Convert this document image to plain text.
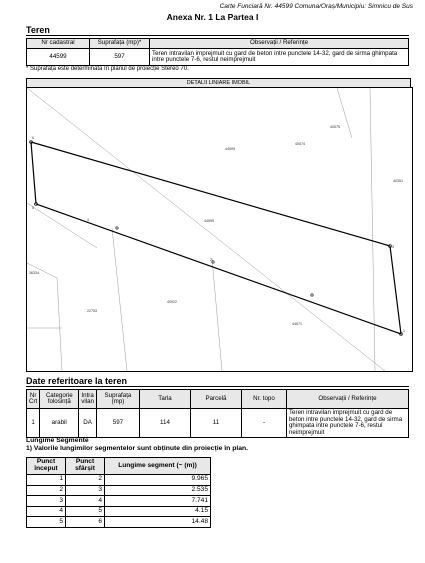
Carte Funciară Nr. 44599 Comuna/Oraș/Municipiu: Simnicu de Sus
Anexa Nr. 1 La Partea I
Teren
Nr cadastral	Suprafața (mp)*	Observații / Referințe
44599	597	Teren intravilan imprejmuit cu gard de beton intre punctele 14-32, gard de sirma ghimpata intre punctele 7-6, restul neimprejmuit
* Suprafața este determinată în planul de proiecție Stereo 70.
DETALII LINIARE IMOBIL
40575
40574
44599
40351
4	44599
3
2
36334
40922
22753
44671
1
6
5
Date referitoare la teren
Nr Crt	Categorie folosință	Intra vilan	Suprafața (mp)	Tarla	Parcelă	Nr. topo	Observații / Referințe
1	arabil	DA	597	114	11	-	Teren intravilan imprejmuit cu gard de beton intre punctele 14-32, gard de sirma ghimpata intre punctele 7-6, restul neimprejmuit
Lungime Segmente
1) Valorile lungimilor segmentelor sunt obținute din proiecție în plan.
Punct început	Punct sfârșit	Lungime segment (~ (m))
1	2	9.965
2	3	2.535
3	4	7.741
4	5	4.15
5	6	14.48
